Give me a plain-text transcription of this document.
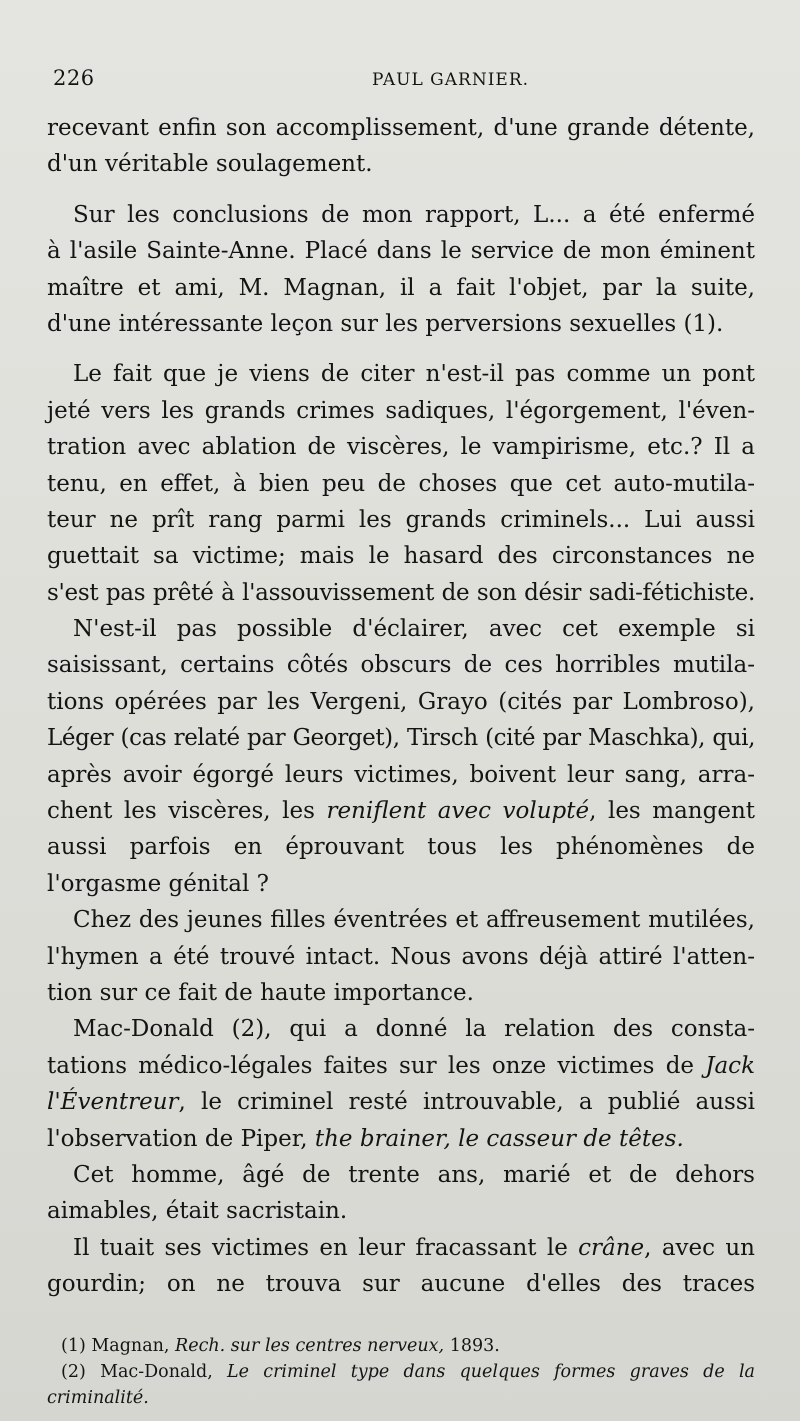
226	PAUL GARNIER.
recevant enfin son accomplissement, d'une grande détente,
d'un véritable soulagement.
Sur les conclusions de mon rapport, L... a été enfermé
à l'asile Sainte-Anne. Placé dans le service de mon éminent
maître et ami, M. Magnan, il a fait l'objet, par la suite,
d'une intéressante leçon sur les perversions sexuelles (1).
Le fait que je viens de citer n'est-il pas comme un pont
jeté vers les grands crimes sadiques, l'égorgement, l'éven-
tration avec ablation de viscères, le vampirisme, etc.? Il a
tenu, en effet, à bien peu de choses que cet auto-mutila-
teur ne prît rang parmi les grands criminels... Lui aussi
guettait sa victime; mais le hasard des circonstances ne
s'est pas prêté à l'assouvissement de son désir sadi-fétichiste.
N'est-il pas possible d'éclairer, avec cet exemple si
saisissant, certains côtés obscurs de ces horribles mutila-
tions opérées par les Vergeni, Grayo (cités par Lombroso),
Léger (cas relaté par Georget), Tirsch (cité par Maschka), qui,
après avoir égorgé leurs victimes, boivent leur sang, arra-
chent les viscères, les reniflent avec volupté, les mangent
aussi parfois en éprouvant tous les phénomènes de
l'orgasme génital ?
Chez des jeunes filles éventrées et affreusement mutilées,
l'hymen a été trouvé intact. Nous avons déjà attiré l'atten-
tion sur ce fait de haute importance.
Mac-Donald (2), qui a donné la relation des consta-
tations médico-légales faites sur les onze victimes de Jack
l'Éventreur, le criminel resté introuvable, a publié aussi
l'observation de Piper, the brainer, le casseur de têtes.
Cet homme, âgé de trente ans, marié et de dehors
aimables, était sacristain.
Il tuait ses victimes en leur fracassant le crâne, avec un
gourdin; on ne trouva sur aucune d'elles des traces
(1) Magnan, Rech. sur les centres nerveux, 1893.
(2) Mac-Donald, Le criminel type dans quelques formes graves de la
criminalité.
